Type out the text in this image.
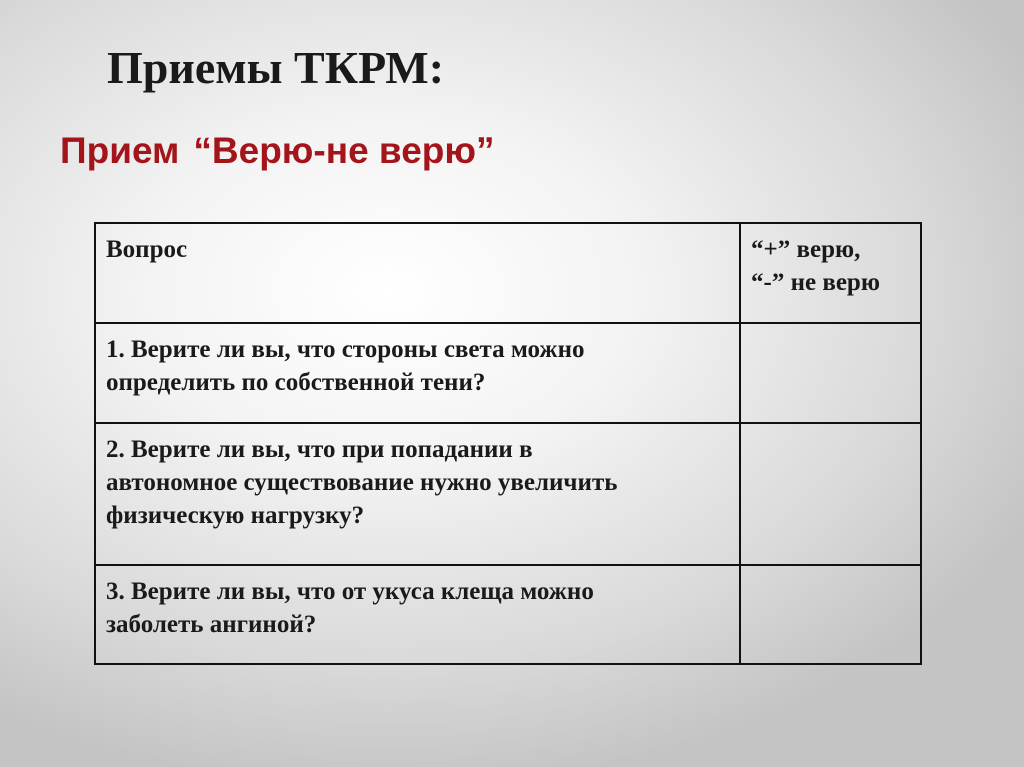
Приемы ТКРМ:
Прием “Верю-не верю”
Вопрос	“+” верю,
“-” не верю

1. Верите ли вы, что стороны света можно
определить по собственной тени?	

2. Верите ли вы, что при попадании в
автономное существование нужно увеличить
физическую нагрузку?	

3. Верите ли вы, что от укуса клеща можно
заболеть ангиной?	
